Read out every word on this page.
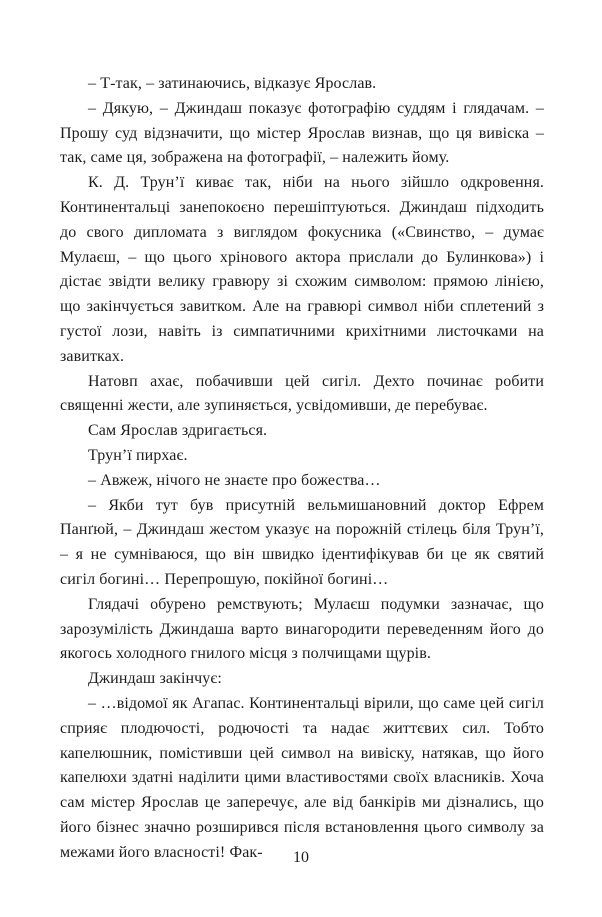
– Т-так, – затинаючись, відказує Ярослав.

– Дякую, – Джиндаш показує фотографію суддям і глядачам. – Прошу суд відзначити, що містер Ярослав визнав, що ця вивіска – так, саме ця, зображена на фотографії, – належить йому.

К. Д. Трун’ї киває так, ніби на нього зійшло одкровення. Континентальці занепокоєно перешіптуються. Джиндаш підходить до свого дипломата з виглядом фокусника («Свинство, – думає Мулаєш, – що цього хрінового актора прислали до Булинкова») і дістає звідти велику гравюру зі схожим символом: прямою лінією, що закінчується завитком. Але на гравюрі символ ніби сплетений з густої лози, навіть із симпатичними крихітними листочками на завитках.

Натовп ахає, побачивши цей сигіл. Дехто починає робити священні жести, але зупиняється, усвідомивши, де перебуває.

Сам Ярослав здригається.

Трун’ї пирхає.

– Авжеж, нічого не знаєте про божества…

– Якби тут був присутній вельмишановний доктор Ефрем Панґюй, – Джиндаш жестом указує на порожній стілець біля Трун’ї, – я не сумніваюся, що він швидко ідентифікував би це як святий сигіл богині… Перепрошую, покійної богині…

Глядачі обурено ремствують; Мулаєш подумки зазначає, що зарозумілість Джиндаша варто винагородити переведенням його до якогось холодного гнилого місця з полчищами щурів.

Джиндаш закінчує:

– …відомої як Агапас. Континентальці вірили, що саме цей сигіл сприяє плодючості, родючості та надає життєвих сил. Тобто капелюшник, помістивши цей символ на вивіску, натякав, що його капелюхи здатні наділити цими властивостями своїх власників. Хоча сам містер Ярослав це заперечує, але від банкірів ми дізнались, що його бізнес значно розширився після встановлення цього символу за межами його власності! Фак-	10
